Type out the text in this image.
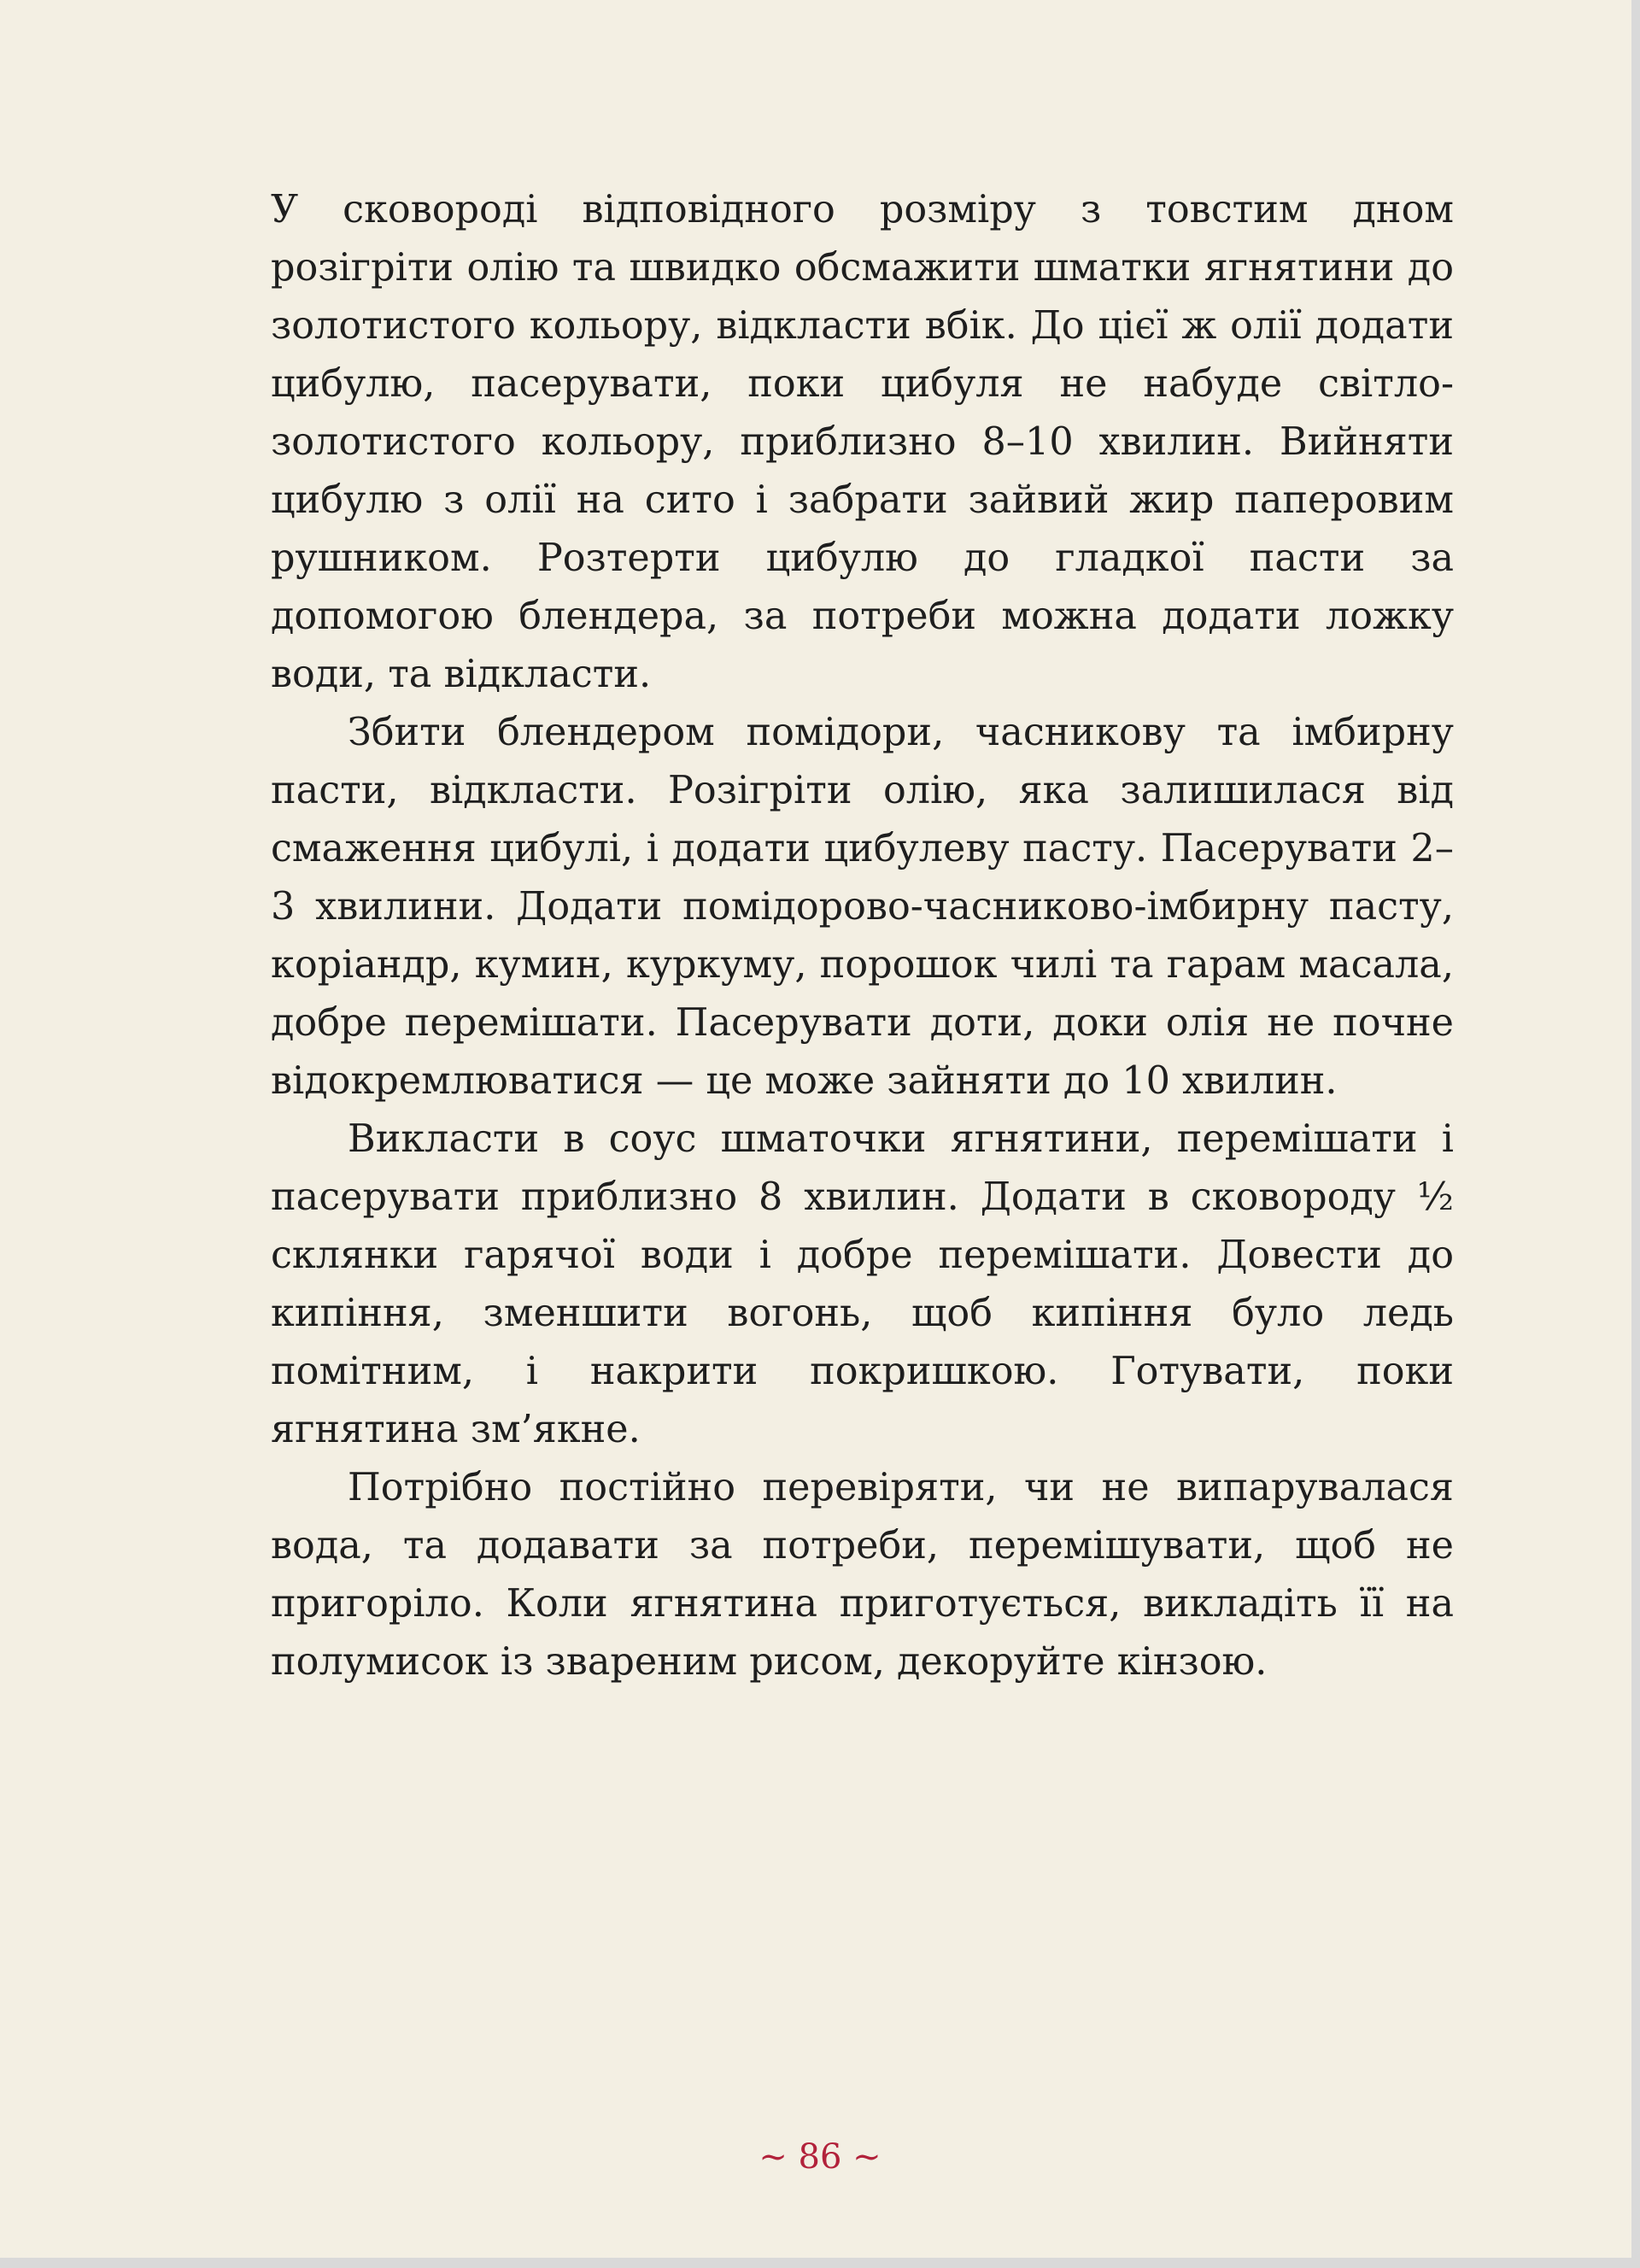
У сковороді відповідного розміру з товстим дном розігріти олію та швидко обсмажити шматки ягнятини до золотистого кольору, відкласти вбік. До цієї ж олії додати цибулю, пасерувати, поки цибуля не набуде світло-золотистого кольору, приблизно 8–10 хвилин. Вийняти цибулю з олії на сито і забрати зайвий жир паперовим рушником. Розтерти цибулю до гладкої пасти за допомогою блендера, за потреби можна додати ложку води, та відкласти.

Збити блендером помідори, часникову та імбирну пасти, відкласти. Розігріти олію, яка залишилася від смаження цибулі, і додати цибулеву пасту. Пасерувати 2–3 хвилини. Додати помідорово-часниково-імбирну пасту, коріандр, кумин, куркуму, порошок чилі та гарам масала, добре перемішати. Пасерувати доти, доки олія не почне відокремлюватися — це може зайняти до 10 хвилин.

Викласти в соус шматочки ягнятини, перемішати і пасерувати приблизно 8 хвилин. Додати в сковороду ½ склянки гарячої води і добре перемішати. Довести до кипіння, зменшити вогонь, щоб кипіння було ледь помітним, і накрити покришкою. Готувати, поки ягнятина зм’якне.

Потрібно постійно перевіряти, чи не випарувалася вода, та додавати за потреби, перемішувати, щоб не пригоріло. Коли ягнятина приготується, викладіть її на полумисок із звареним рисом, декоруйте кінзою.

~ 86 ~
